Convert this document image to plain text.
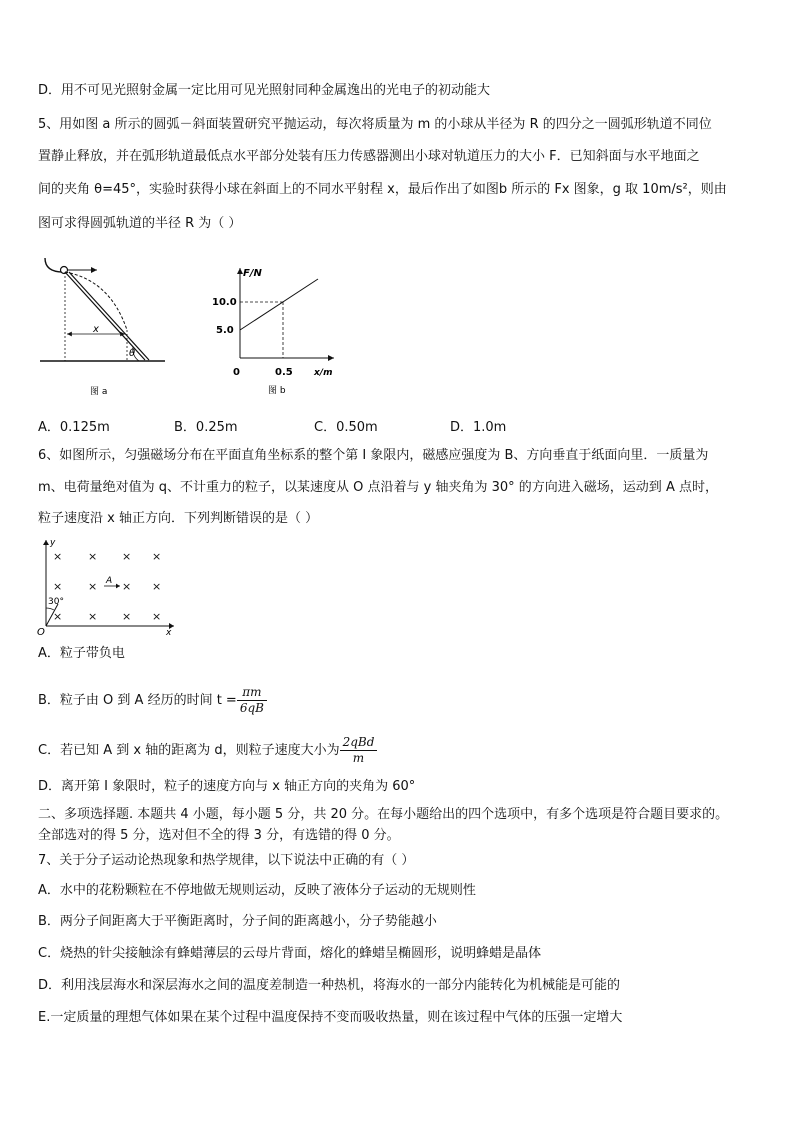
D．用不可见光照射金属一定比用可见光照射同种金属逸出的光电子的初动能大
5、用如图 a 所示的圆弧－斜面装置研究平抛运动，每次将质量为 m 的小球从半径为 R 的四分之一圆弧形轨道不同位
置静止释放，并在弧形轨道最低点水平部分处装有压力传感器测出小球对轨道压力的大小 F．已知斜面与水平地面之
间的夹角 θ=45°，实验时获得小球在斜面上的不同水平射程 x，最后作出了如图b 所示的 Fx 图象，g 取 10m/s²，则由
图可求得圆弧轨道的半径 R 为（ ）
x
θ
图 a
F/N
x/m
10.0
5.0
0	0.5
图 b
A．0.125m	B．0.25m	C．0.50m	D．1.0m
6、如图所示，匀强磁场分布在平面直角坐标系的整个第 I 象限内，磁感应强度为 B、方向垂直于纸面向里．一质量为
m、电荷量绝对值为 q、不计重力的粒子，以某速度从 O 点沿着与 y 轴夹角为 30° 的方向进入磁场，运动到 A 点时，
粒子速度沿 x 轴正方向．下列判断错误的是（ ）
y
x
O
30°
× × × ×
× × × ×
× × × ×
A
A．粒子带负电
B．粒子由 O 到 A 经历的时间 $t = \frac{\pi m}{6qB}$
C．若已知 A 到 x 轴的距离为 d，则粒子速度大小为 $\frac{\text{2qBd}}{m}$
D．离开第 I 象限时，粒子的速度方向与 x 轴正方向的夹角为 60°
二、多项选择题. 本题共 4 小题，每小题 5 分，共 20 分。在每小题给出的四个选项中，有多个选项是符合题目要求的。
全部选对的得 5 分，选对但不全的得 3 分，有选错的得 0 分。
7、关于分子运动论热现象和热学规律，以下说法中正确的有（ ）
A．水中的花粉颗粒在不停地做无规则运动，反映了液体分子运动的无规则性
B．两分子间距离大于平衡距离时，分子间的距离越小，分子势能越小
C．烧热的针尖接触涂有蜂蜡薄层的云母片背面，熔化的蜂蜡呈椭圆形，说明蜂蜡是晶体
D．利用浅层海水和深层海水之间的温度差制造一种热机，将海水的一部分内能转化为机械能是可能的
E.一定质量的理想气体如果在某个过程中温度保持不变而吸收热量，则在该过程中气体的压强一定增大
